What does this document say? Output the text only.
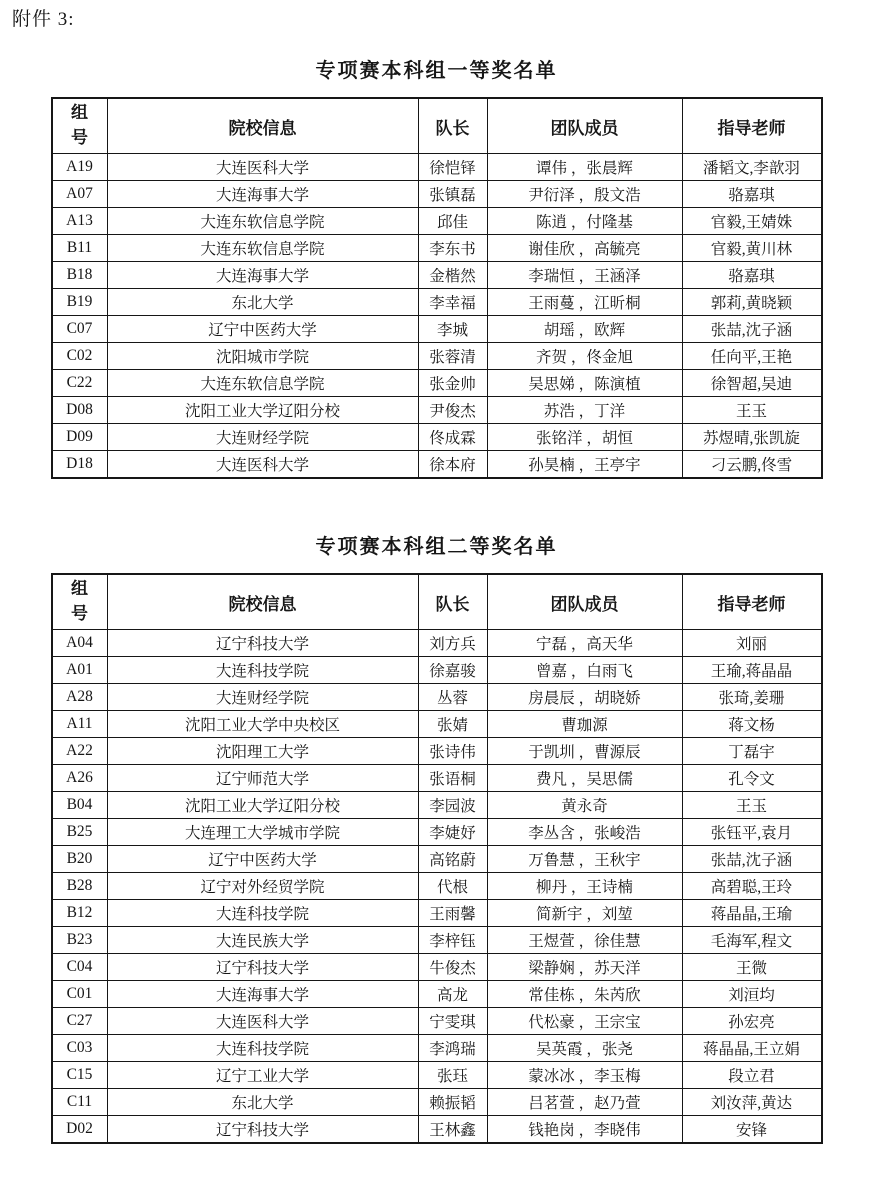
附件 3:
专项赛本科组一等奖名单
组号	院校信息	队长	团队成员	指导老师
A19	大连医科大学	徐恺铎	谭伟 ，张晨辉	潘韬文,李歆羽
A07	大连海事大学	张镇磊	尹衍泽 ，殷文浩	骆嘉琪
A13	大连东软信息学院	邱佳	陈逍 ，付隆基	官毅,王婧姝
B11	大连东软信息学院	李东书	谢佳欣 ，高毓亮	官毅,黄川林
B18	大连海事大学	金楷然	李瑞恒 ，王涵泽	骆嘉琪
B19	东北大学	李幸福	王雨蔓 ，江昕桐	郭莉,黄晓颖
C07	辽宁中医药大学	李城	胡瑶 ，欧辉	张喆,沈子涵
C02	沈阳城市学院	张蓉清	齐贺 ，佟金旭	任向平,王艳
C22	大连东软信息学院	张金帅	吴思娣 ，陈演植	徐智超,吴迪
D08	沈阳工业大学辽阳分校	尹俊杰	苏浩 ，丁洋	王玉
D09	大连财经学院	佟成霖	张铭洋 ，胡恒	苏煜晴,张凯旋
D18	大连医科大学	徐本府	孙昊楠 ，王亭宇	刁云鹏,佟雪
专项赛本科组二等奖名单
组号	院校信息	队长	团队成员	指导老师
A04	辽宁科技大学	刘方兵	宁磊 ，高天华	刘丽
A01	大连科技学院	徐嘉骏	曾嘉 ，白雨飞	王瑜,蒋晶晶
A28	大连财经学院	丛蓉	房晨辰 ，胡晓娇	张琦,姜珊
A11	沈阳工业大学中央校区	张婧	曹珈源	蒋文杨
A22	沈阳理工大学	张诗伟	于凯圳 ，曹源辰	丁磊宇
A26	辽宁师范大学	张语桐	费凡 ，吴思儒	孔令文
B04	沈阳工业大学辽阳分校	李园波	黄永奇	王玉
B25	大连理工大学城市学院	李婕妤	李丛含 ，张峻浩	张钰平,袁月
B20	辽宁中医药大学	高铭蔚	万鲁慧 ，王秋宇	张喆,沈子涵
B28	辽宁对外经贸学院	代根	柳丹 ，王诗楠	高碧聪,王玲
B12	大连科技学院	王雨馨	简新宇 ，刘堃	蒋晶晶,王瑜
B23	大连民族大学	李梓钰	王煜萱 ，徐佳慧	毛海军,程文
C04	辽宁科技大学	牛俊杰	梁静娴 ，苏天洋	王微
C01	大连海事大学	高龙	常佳栋 ，朱芮欣	刘洹均
C27	大连医科大学	宁雯琪	代松豪 ，王宗宝	孙宏亮
C03	大连科技学院	李鸿瑞	吴英霞 ，张尧	蒋晶晶,王立娟
C15	辽宁工业大学	张珏	蒙冰冰 ，李玉梅	段立君
C11	东北大学	赖振韬	吕茗萱 ，赵乃萱	刘汝萍,黄达
D02	辽宁科技大学	王林鑫	钱艳岗 ，李晓伟	安锋
